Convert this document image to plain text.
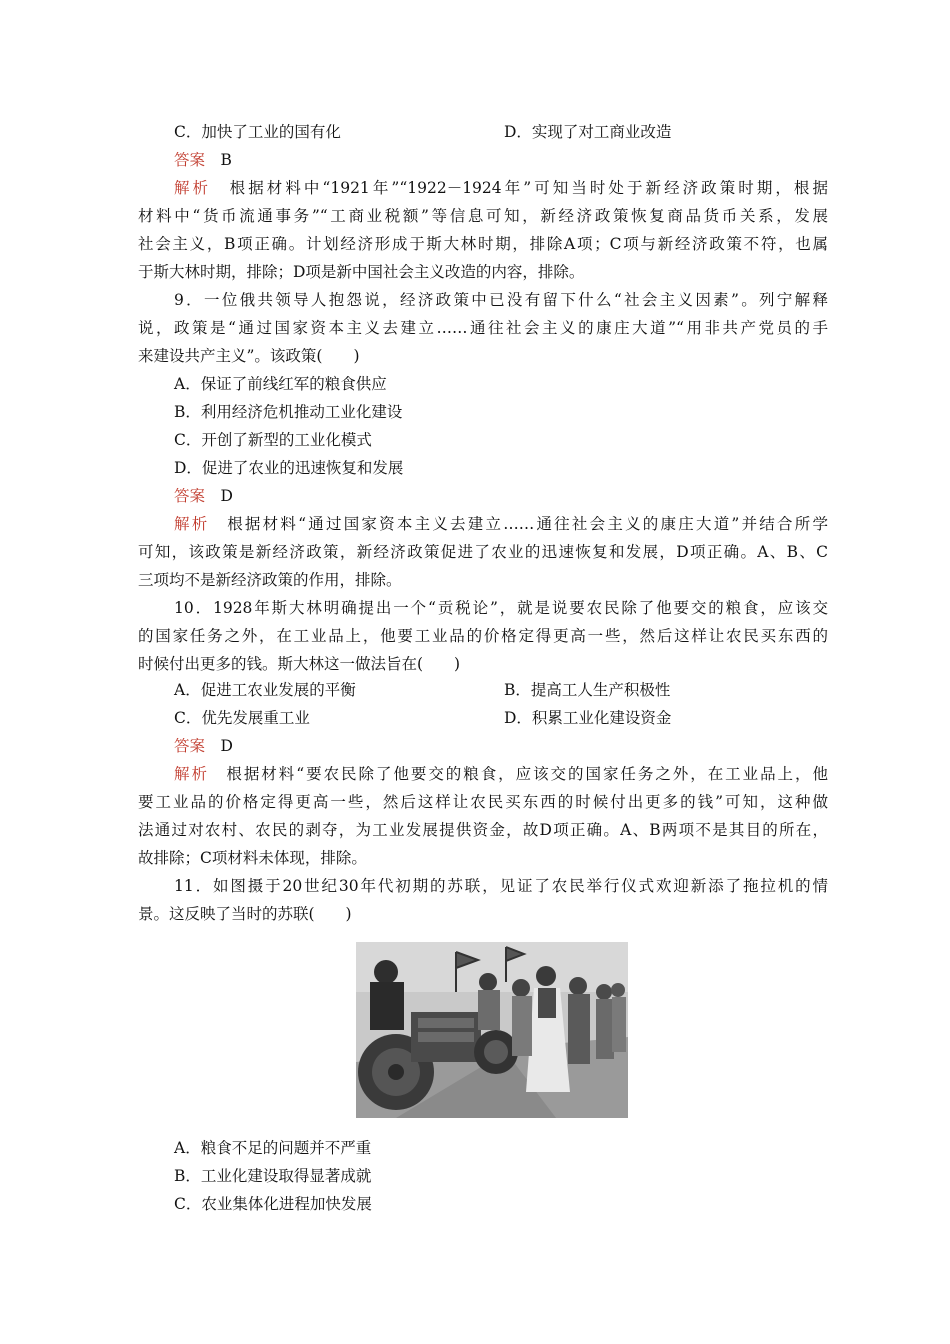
C．加快了工业的国有化	D．实现了对工商业改造
答案　 B
解析　 根据材料中“1921年”“1922－1924年”可知当时处于新经济政策时期，根据
材料中“货币流通事务”“工商业税额”等信息可知，新经济政策恢复商品货币关系，发展
社会主义，B项正确。计划经济形成于斯大林时期，排除A项；C项与新经济政策不符，也属
于斯大林时期，排除；D项是新中国社会主义改造的内容，排除。
9．一位俄共领导人抱怨说，经济政策中已没有留下什么“社会主义因素”。列宁解释
说，政策是“通过国家资本主义去建立……通往社会主义的康庄大道”“用非共产党员的手
来建设共产主义”。该政策(　　)
A．保证了前线红军的粮食供应
B．利用经济危机推动工业化建设
C．开创了新型的工业化模式
D．促进了农业的迅速恢复和发展
答案　 D
解析　 根据材料“通过国家资本主义去建立……通往社会主义的康庄大道”并结合所学
可知，该政策是新经济政策，新经济政策促进了农业的迅速恢复和发展，D项正确。A、B、C
三项均不是新经济政策的作用，排除。
10．1928年斯大林明确提出一个“贡税论”，就是说要农民除了他要交的粮食，应该交
的国家任务之外，在工业品上，他要工业品的价格定得更高一些，然后这样让农民买东西的
时候付出更多的钱。斯大林这一做法旨在(　　)
A．促进工农业发展的平衡	B．提高工人生产积极性
C．优先发展重工业	D．积累工业化建设资金
答案　 D
解析　 根据材料“要农民除了他要交的粮食，应该交的国家任务之外，在工业品上，他
要工业品的价格定得更高一些，然后这样让农民买东西的时候付出更多的钱”可知，这种做
法通过对农村、农民的剥夺，为工业发展提供资金，故D项正确。A、B两项不是其目的所在，
故排除；C项材料未体现，排除。
11．如图摄于20世纪30年代初期的苏联，见证了农民举行仪式欢迎新添了拖拉机的情
景。这反映了当时的苏联(　　)
A．粮食不足的问题并不严重
B．工业化建设取得显著成就
C．农业集体化进程加快发展
